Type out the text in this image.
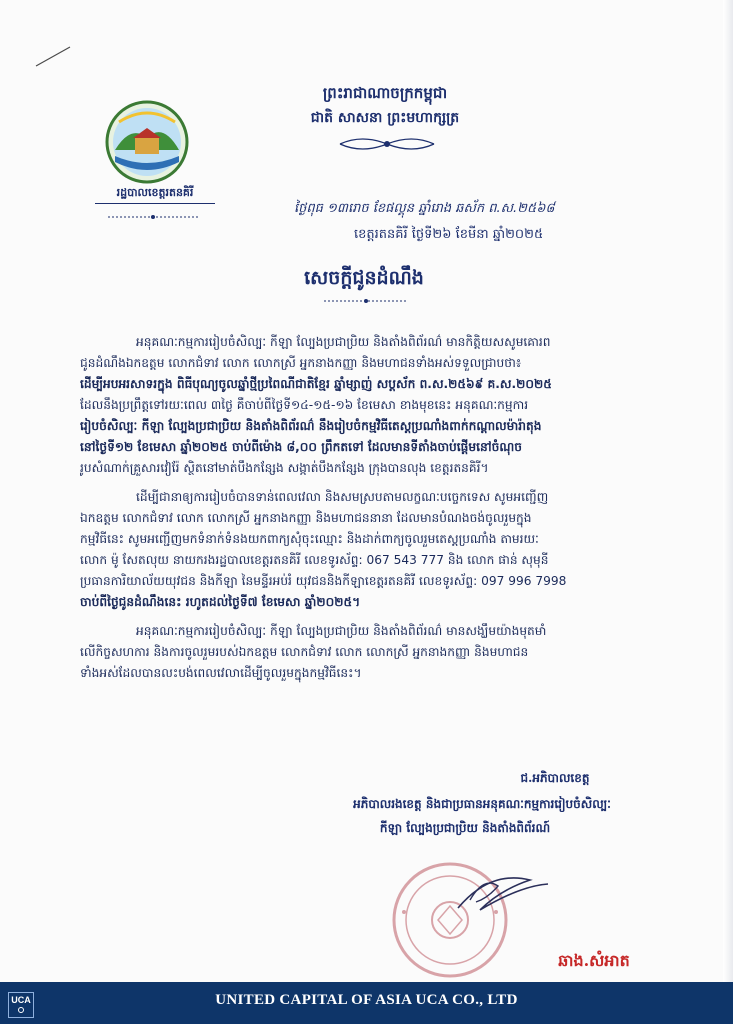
ព្រះរាជាណាចក្រកម្ពុជា
ជាតិ សាសនា ព្រះមហាក្សត្រ
រដ្ឋបាលខេត្តរតនគិរី
ថ្ងៃពុធ ១៣រោច ខែផល្គុន ឆ្នាំរោង ឆស័ក ព.ស.២៥៦៨
ខេត្តរតនគិរី ថ្ងៃទី២៦ ខែមីនា ឆ្នាំ២០២៥
សេចក្តីជូនដំណឹង
អនុគណៈកម្មការរៀបចំសិល្បៈ កីឡា ល្បែងប្រជាប្រិយ និងតាំងពិព័រណ៌ មានកិត្តិយសសូមគោរព
ជូនដំណឹងឯកឧត្តម លោកជំទាវ លោក លោកស្រី អ្នកនាងកញ្ញា និងមហាជនទាំងអស់ទទួលជ្រាបថា៖
ដើម្បីអបអរសាទរក្នុង ពិធីបុណ្យចូលឆ្នាំថ្មីប្រពៃណីជាតិខ្មែរ ឆ្នាំម្សាញ់ សប្តស័ក ព.ស.២៥៦៩ គ.ស.២០២៥
ដែលនឹងប្រព្រឹត្តទៅរយៈពេល ៣ថ្ងៃ គឺចាប់ពីថ្ងៃទី១៤-១៥-១៦ ខែមេសា ខាងមុខនេះ អនុគណៈកម្មការ
រៀបចំសិល្បៈ កីឡា ល្បែងប្រជាប្រិយ និងតាំងពិព័រណ៌ នឹងរៀបចំកម្មវិធីតេស្តប្រណាំងពាក់កណ្តាលម៉ារ៉ាតុង
នៅថ្ងៃទី១២ ខែមេសា ឆ្នាំ២០២៥ ចាប់ពីម៉ោង ៨,០០ ព្រឹកតទៅ ដែលមានទីតាំងចាប់ផ្តើមនៅចំណុច
រូបសំណាក់គ្រួសារវៀរ៉ែ ស្ថិតនៅមាត់បឹងកន្សែង សង្កាត់បឹងកន្សែង ក្រុងបានលុង ខេត្តរតនគិរី។
ដើម្បីជានាឲ្យការរៀបចំបានទាន់ពេលវេលា និងសមស្របតាមលក្ខណៈបច្ចេកទេស សូមអញ្ជើញ
ឯកឧត្តម លោកជំទាវ លោក លោកស្រី អ្នកនាងកញ្ញា និងមហាជននានា ដែលមានបំណងចង់ចូលរួមក្នុង
កម្មវិធីនេះ សូមអញ្ជើញមកទំនាក់ទំនងយកពាក្យសុំចុះឈ្មោះ និងដាក់ពាក្យចូលរួមតេស្តប្រណាំង តាមរយៈ
លោក ម៉ូ សែតលុយ នាយករងរដ្ឋបាលខេត្តរតនគិរី លេខទូរស័ព្ទ: 067 543 777 និង លោក ផាន់ សុមុនី
ប្រធានការិយាល័យយុវជន និងកីឡា នៃមន្ទីរអប់រំ យុវជននិងកីឡាខេត្តរតនគិរី លេខទូរស័ព្ទ: 097 996 7998
ចាប់ពីថ្ងៃជូនដំណឹងនេះ រហូតដល់ថ្ងៃទី៧ ខែមេសា ឆ្នាំ២០២៥។
អនុគណៈកម្មការរៀបចំសិល្បៈ កីឡា ល្បែងប្រជាប្រិយ និងតាំងពិព័រណ៌ មានសង្ឃឹមយ៉ាងមុតមាំ
លើកិច្ចសហការ និងការចូលរួមរបស់ឯកឧត្តម លោកជំទាវ លោក លោកស្រី អ្នកនាងកញ្ញា និងមហាជន
ទាំងអស់ដែលបានលះបង់ពេលវេលាដើម្បីចូលរួមក្នុងកម្មវិធីនេះ។
ជ.អភិបាលខេត្ត
អភិបាលរងខេត្ត និងជាប្រធានអនុគណៈកម្មការរៀបចំសិល្បៈ
កីឡា ល្បែងប្រជាប្រិយ និងតាំងពិព័រណ៍
ឆាង.សំអាត
UCA	UNITED CAPITAL OF ASIA UCA CO., LTD
